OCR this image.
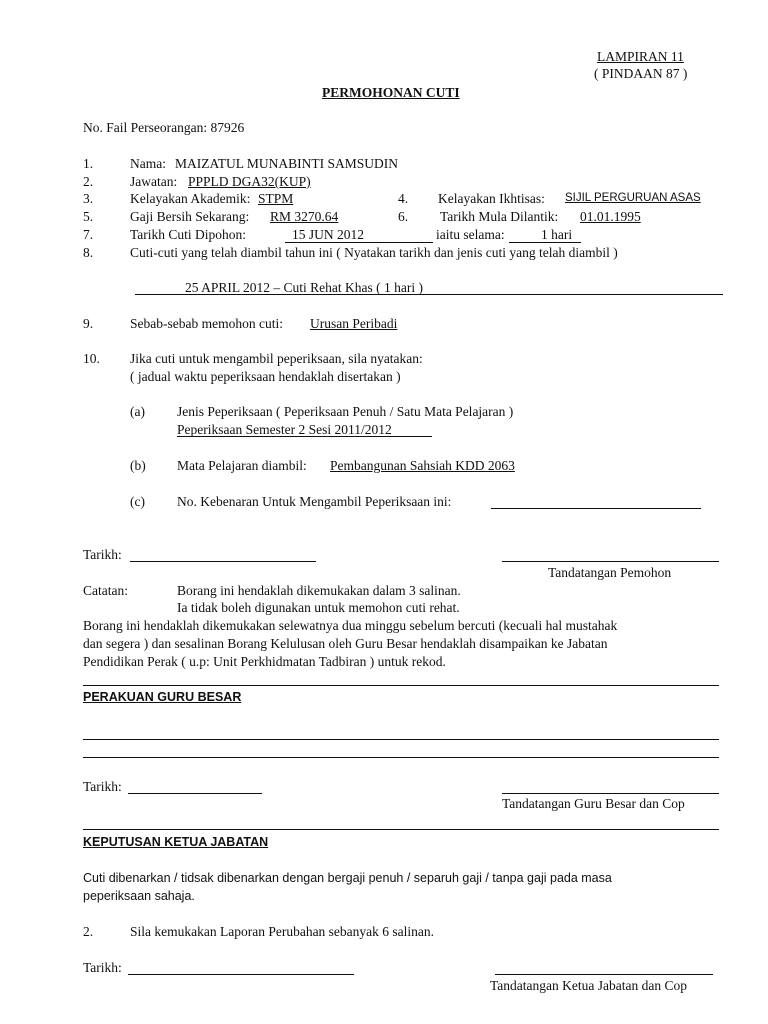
LAMPIRAN 11
( PINDAAN 87 )
PERMOHONAN CUTI
No. Fail Perseorangan: 87926
1.	Nama: MAIZATUL MUNABINTI SAMSUDIN
2.	Jawatan: PPPLD DGA32(KUP)
3.	Kelayakan Akademik: STPM	4. Kelayakan Ikhtisas: SIJIL PERGURUAN ASAS
5.	Gaji Bersih Sekarang: RM 3270.64	6. Tarikh Mula Dilantik: 01.01.1995
7.	Tarikh Cuti Dipohon:	15 JUN 2012	iaitu selama:	1 hari
8.	Cuti-cuti yang telah diambil tahun ini ( Nyatakan tarikh dan jenis cuti yang telah diambil )
25 APRIL 2012 – Cuti Rehat Khas ( 1 hari )
9.	Sebab-sebab memohon cuti: Urusan Peribadi
10. Jika cuti untuk mengambil peperiksaan, sila nyatakan:
( jadual waktu peperiksaan hendaklah disertakan )
(a) Jenis Peperiksaan ( Peperiksaan Penuh / Satu Mata Pelajaran )
Peperiksaan Semester 2 Sesi 2011/2012
(b) Mata Pelajaran diambil: Pembangunan Sahsiah KDD 2063
(c) No. Kebenaran Untuk Mengambil Peperiksaan ini:
Tarikh:
Tandatangan Pemohon
Catatan:	Borang ini hendaklah dikemukakan dalam 3 salinan.
Ia tidak boleh digunakan untuk memohon cuti rehat.
Borang ini hendaklah dikemukakan selewatnya dua minggu sebelum bercuti (kecuali hal mustahak
dan segera ) dan sesalinan Borang Kelulusan oleh Guru Besar hendaklah disampaikan ke Jabatan
Pendidikan Perak ( u.p: Unit Perkhidmatan Tadbiran ) untuk rekod.
PERAKUAN GURU BESAR
Tarikh:
Tandatangan Guru Besar dan Cop
KEPUTUSAN KETUA JABATAN
Cuti dibenarkan / tidsak dibenarkan dengan bergaji penuh / separuh gaji / tanpa gaji pada masa
peperiksaan sahaja.
2.	Sila kemukakan Laporan Perubahan sebanyak 6 salinan.
Tarikh:
Tandatangan Ketua Jabatan dan Cop
